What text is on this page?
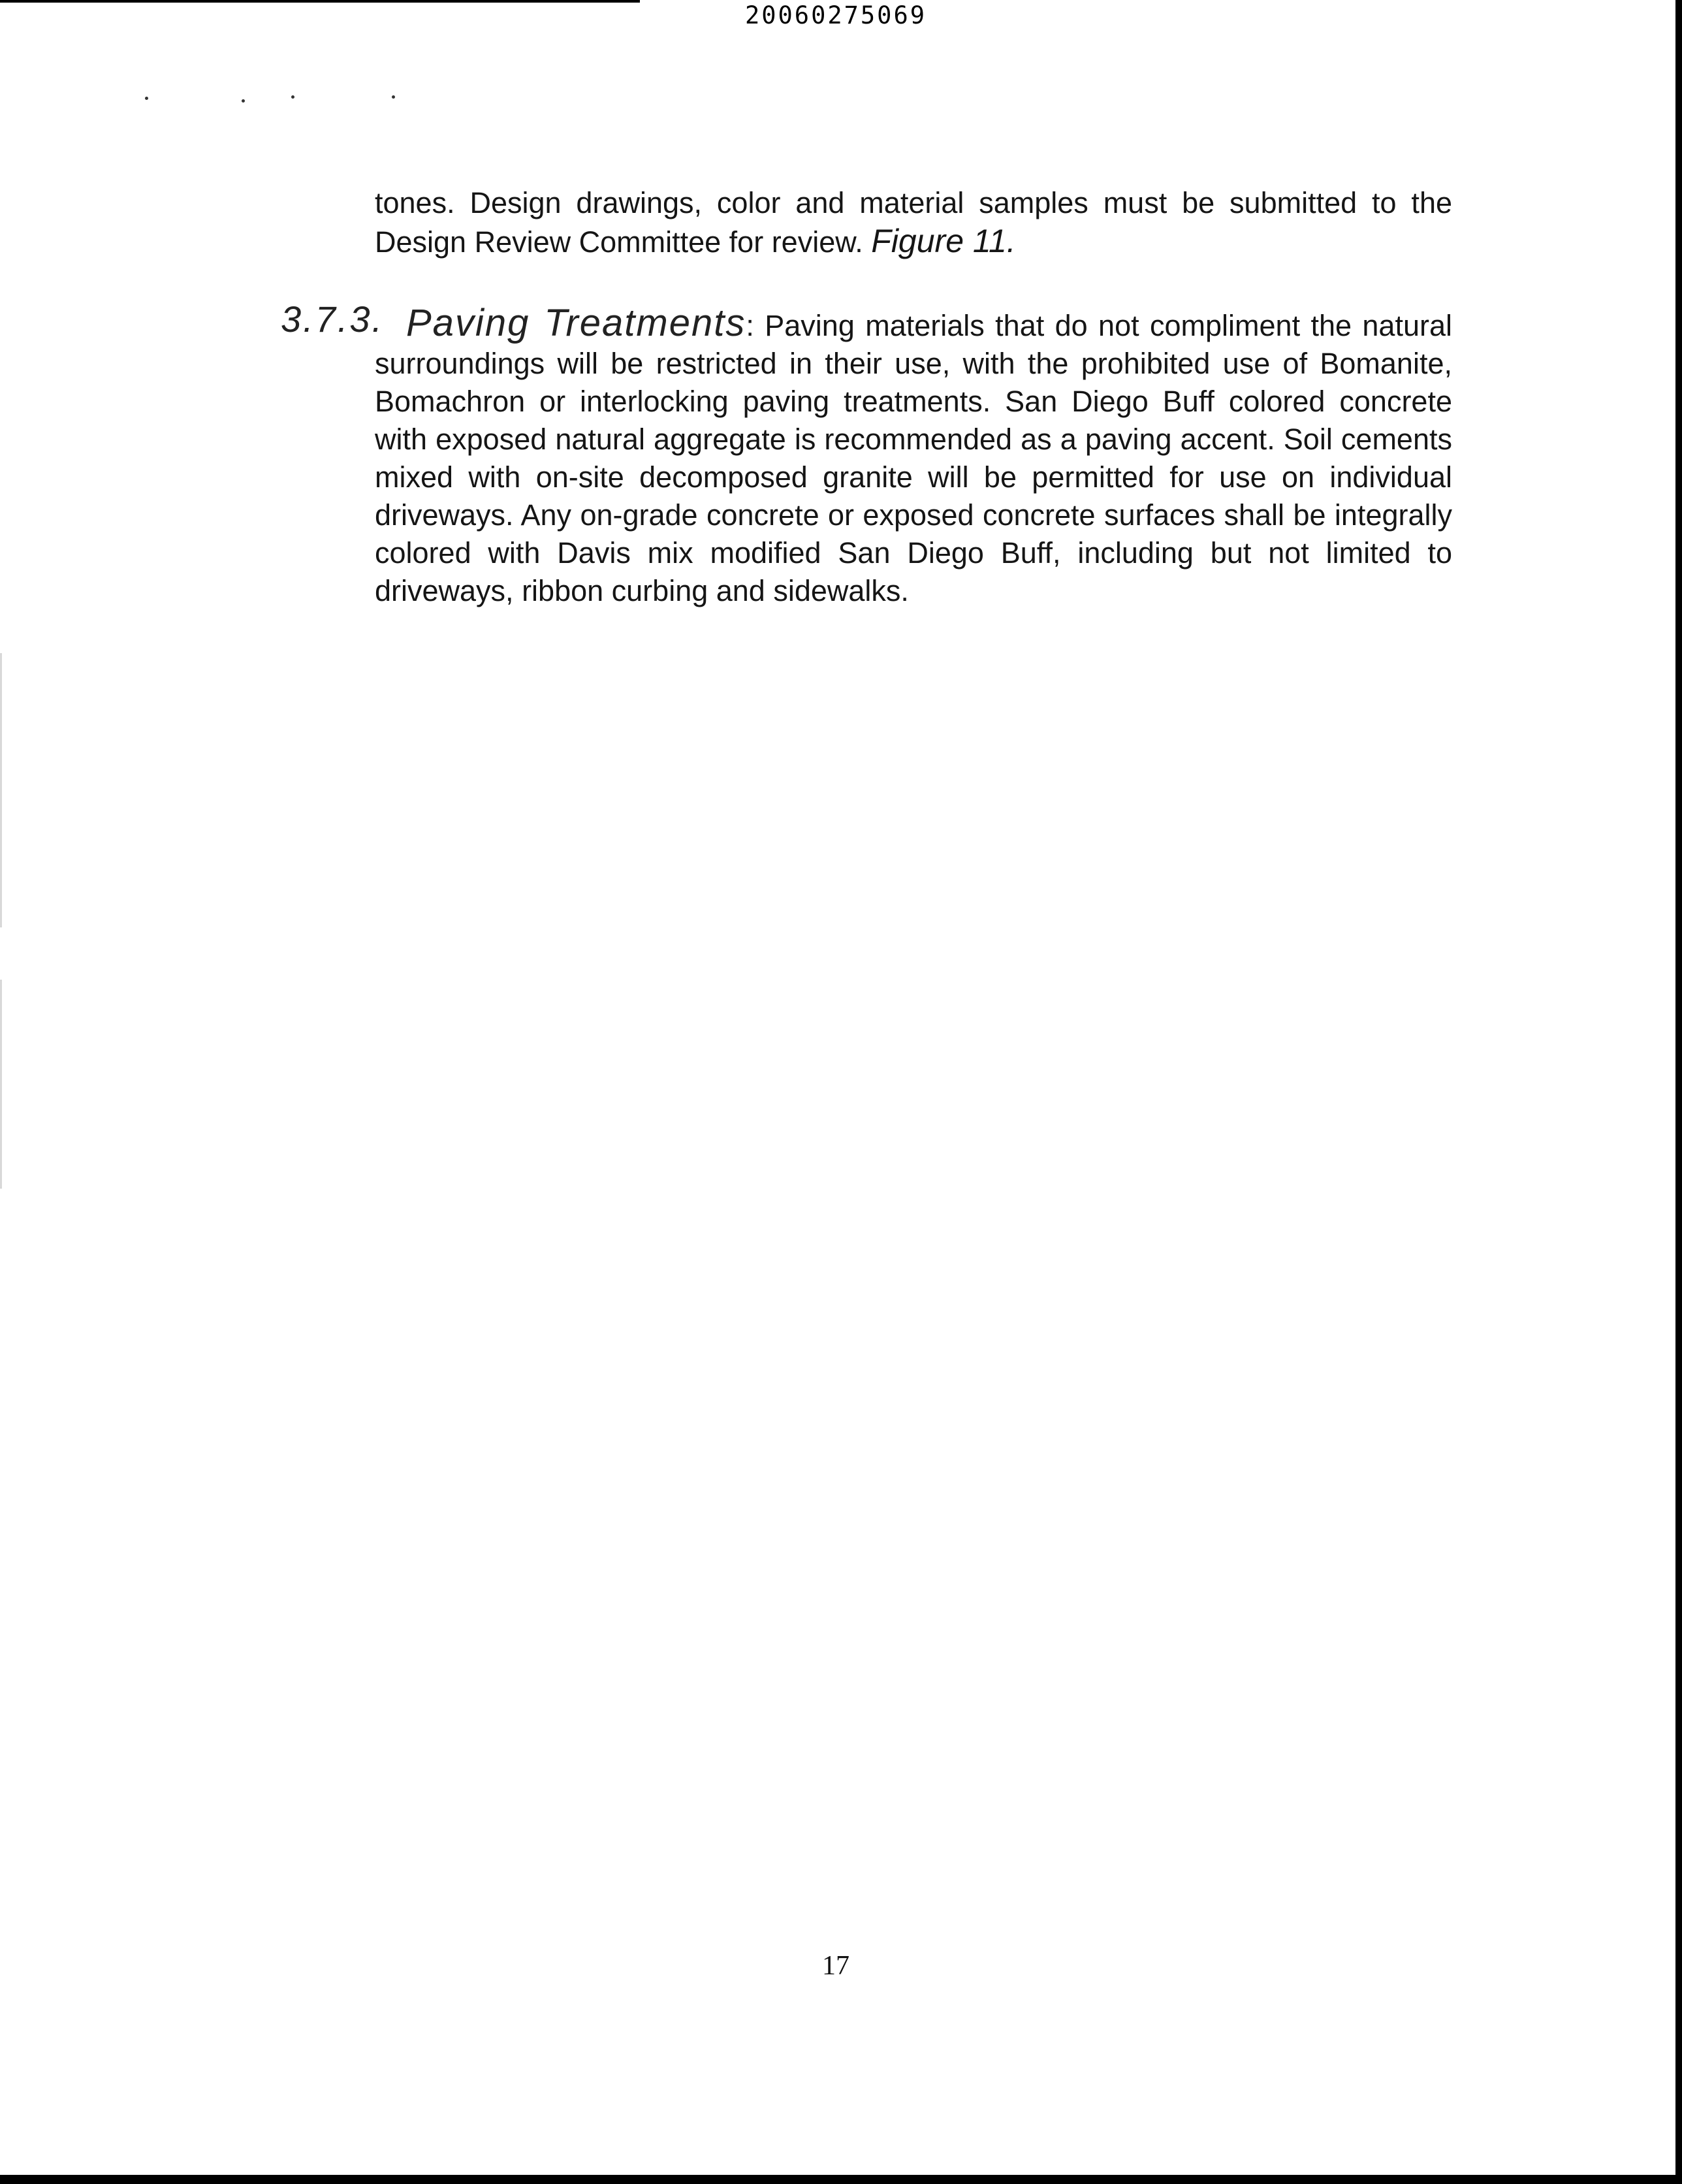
20060275069
tones. Design drawings, color and material samples must be submitted to the Design Review Committee for review. Figure 11.
3.7.3. Paving Treatments: Paving materials that do not compliment the natural surroundings will be restricted in their use, with the prohibited use of Bomanite, Bomachron or interlocking paving treatments. San Diego Buff colored concrete with exposed natural aggregate is recommended as a paving accent. Soil cements mixed with on-site decomposed granite will be permitted for use on individual driveways. Any on-grade concrete or exposed concrete surfaces shall be integrally colored with Davis mix modified San Diego Buff, including but not limited to driveways, ribbon curbing and sidewalks.
17
